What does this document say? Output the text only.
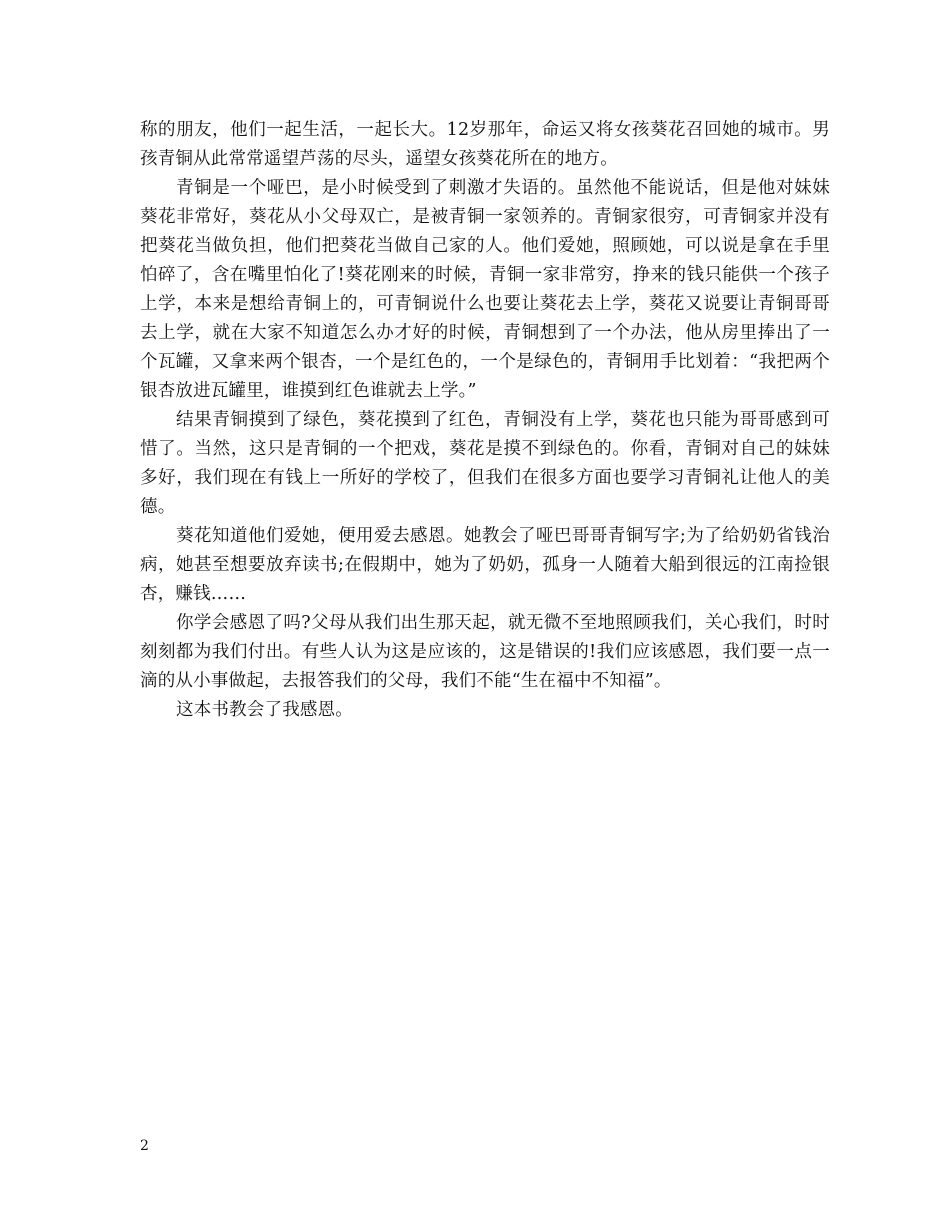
称的朋友，他们一起生活，一起长大。12岁那年，命运又将女孩葵花召回她的城市。男孩青铜从此常常遥望芦荡的尽头，遥望女孩葵花所在的地方。

青铜是一个哑巴，是小时候受到了刺激才失语的。虽然他不能说话，但是他对妹妹葵花非常好，葵花从小父母双亡，是被青铜一家领养的。青铜家很穷，可青铜家并没有把葵花当做负担，他们把葵花当做自己家的人。他们爱她，照顾她，可以说是拿在手里怕碎了，含在嘴里怕化了!葵花刚来的时候，青铜一家非常穷，挣来的钱只能供一个孩子上学，本来是想给青铜上的，可青铜说什么也要让葵花去上学，葵花又说要让青铜哥哥去上学，就在大家不知道怎么办才好的时候，青铜想到了一个办法，他从房里捧出了一个瓦罐，又拿来两个银杏，一个是红色的，一个是绿色的，青铜用手比划着：“我把两个银杏放进瓦罐里，谁摸到红色谁就去上学。”

结果青铜摸到了绿色，葵花摸到了红色，青铜没有上学，葵花也只能为哥哥感到可惜了。当然，这只是青铜的一个把戏，葵花是摸不到绿色的。你看，青铜对自己的妹妹多好，我们现在有钱上一所好的学校了，但我们在很多方面也要学习青铜礼让他人的美德。

葵花知道他们爱她，便用爱去感恩。她教会了哑巴哥哥青铜写字;为了给奶奶省钱治病，她甚至想要放弃读书;在假期中，她为了奶奶，孤身一人随着大船到很远的江南捡银杏，赚钱……

你学会感恩了吗?父母从我们出生那天起，就无微不至地照顾我们，关心我们，时时刻刻都为我们付出。有些人认为这是应该的，这是错误的!我们应该感恩，我们要一点一滴的从小事做起，去报答我们的父母，我们不能“生在福中不知福”。

这本书教会了我感恩。

2
